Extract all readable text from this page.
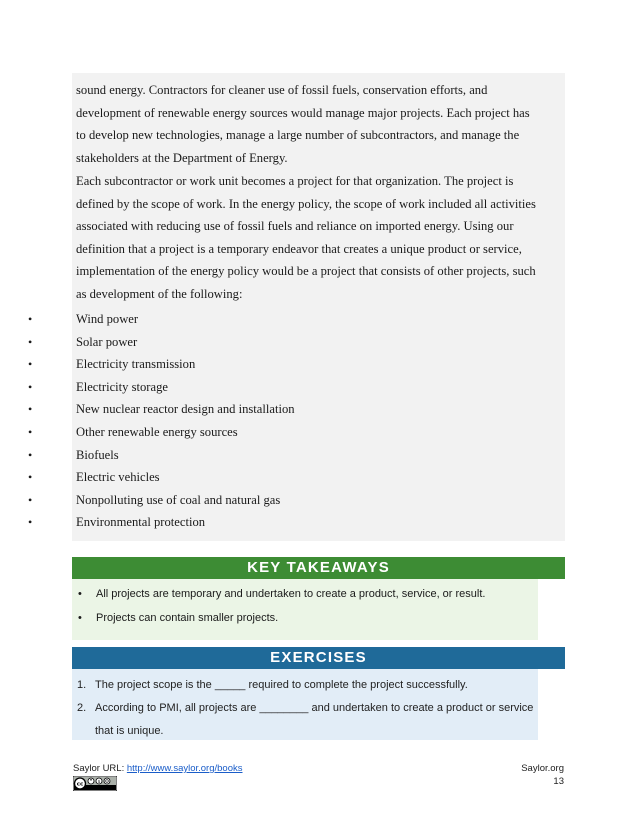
sound energy. Contractors for cleaner use of fossil fuels, conservation efforts, and
development of renewable energy sources would manage major projects. Each project has
to develop new technologies, manage a large number of subcontractors, and manage the
stakeholders at the Department of Energy.

Each subcontractor or work unit becomes a project for that organization. The project is
defined by the scope of work. In the energy policy, the scope of work included all activities
associated with reducing use of fossil fuels and reliance on imported energy. Using our
definition that a project is a temporary endeavor that creates a unique product or service,
implementation of the energy policy would be a project that consists of other projects, such
as development of the following:

•	Wind power
•	Solar power
•	Electricity transmission
•	Electricity storage
•	New nuclear reactor design and installation
•	Other renewable energy sources
•	Biofuels
•	Electric vehicles
•	Nonpolluting use of coal and natural gas
•	Environmental protection
KEY TAKEAWAYS
• All projects are temporary and undertaken to create a product, service, or result.
• Projects can contain smaller projects.
EXERCISES
1. The project scope is the _____ required to complete the project successfully.
2. According to PMI, all projects are ________ and undertaken to create a product or service that is unique.
Saylor URL: http://www.saylor.org/books	Saylor.org
13
cc
$
